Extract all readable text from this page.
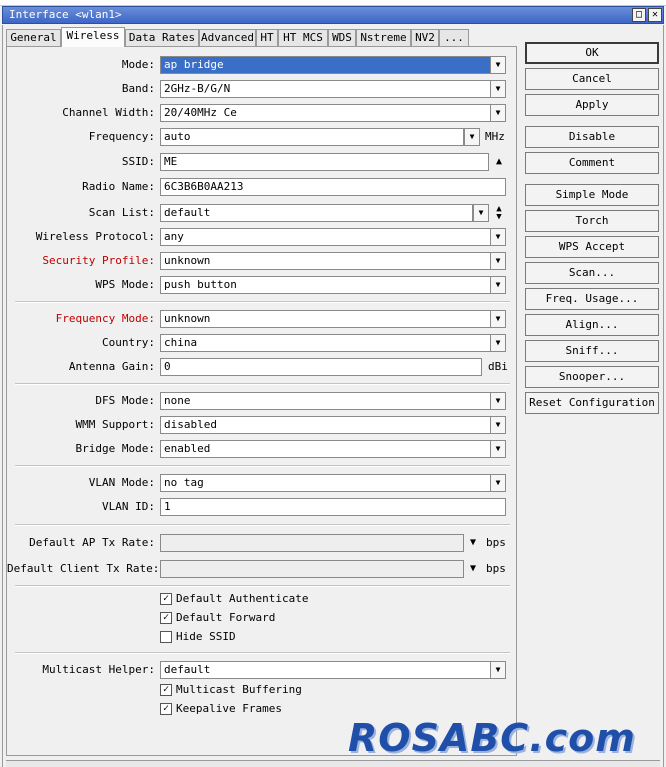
Interface <wlan1>	□ ✕
General Wireless Data Rates Advanced HT HT MCS WDS Nstreme NV2 ...
Mode: ap bridge	▼
Band: 2GHz-B/G/N	▼
Channel Width: 20/40MHz Ce	▼
Frequency: auto	▼ MHz
SSID: ME	▲
Radio Name: 6C3B6B0AA213
Scan List: default	▼	▲
▼
Wireless Protocol: any	▼
Security Profile: unknown	▼
WPS Mode: push button	▼
Frequency Mode: unknown	▼
Country: china	▼
Antenna Gain: 0	dBi
DFS Mode: none	▼
WMM Support: disabled	▼
Bridge Mode: enabled	▼
VLAN Mode: no tag	▼
VLAN ID: 1
Default AP Tx Rate:	▼ bps
Default Client Tx Rate:	▼ bps
✓ Default Authenticate
✓ Default Forward
Hide SSID
Multicast Helper: default	▼
✓ Multicast Buffering
✓ Keepalive Frames
OK
Cancel
Apply
Disable
Comment
Simple Mode
Torch
WPS Accept
Scan...
Freq. Usage...
Align...
Sniff...
Snooper...
Reset Configuration
ROSABC.com
